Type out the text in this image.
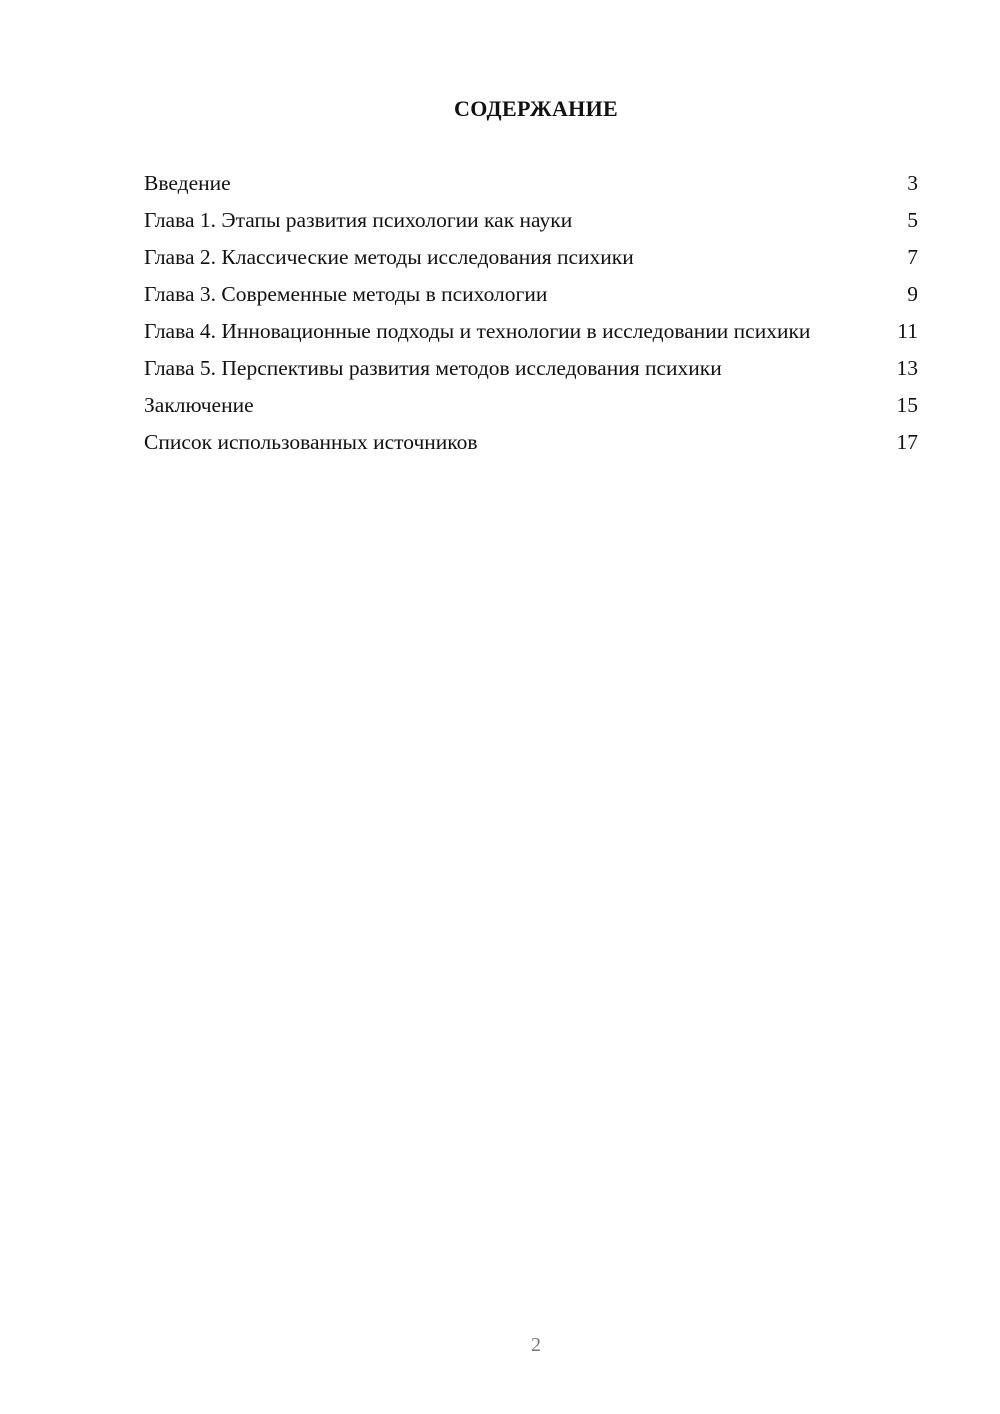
СОДЕРЖАНИЕ
Введение	3
Глава 1. Этапы развития психологии как науки	5
Глава 2. Классические методы исследования психики	7
Глава 3. Современные методы в психологии	9
Глава 4. Инновационные подходы и технологии в исследовании психики	11
Глава 5. Перспективы развития методов исследования психики	13
Заключение	15
Список использованных источников	17
2
